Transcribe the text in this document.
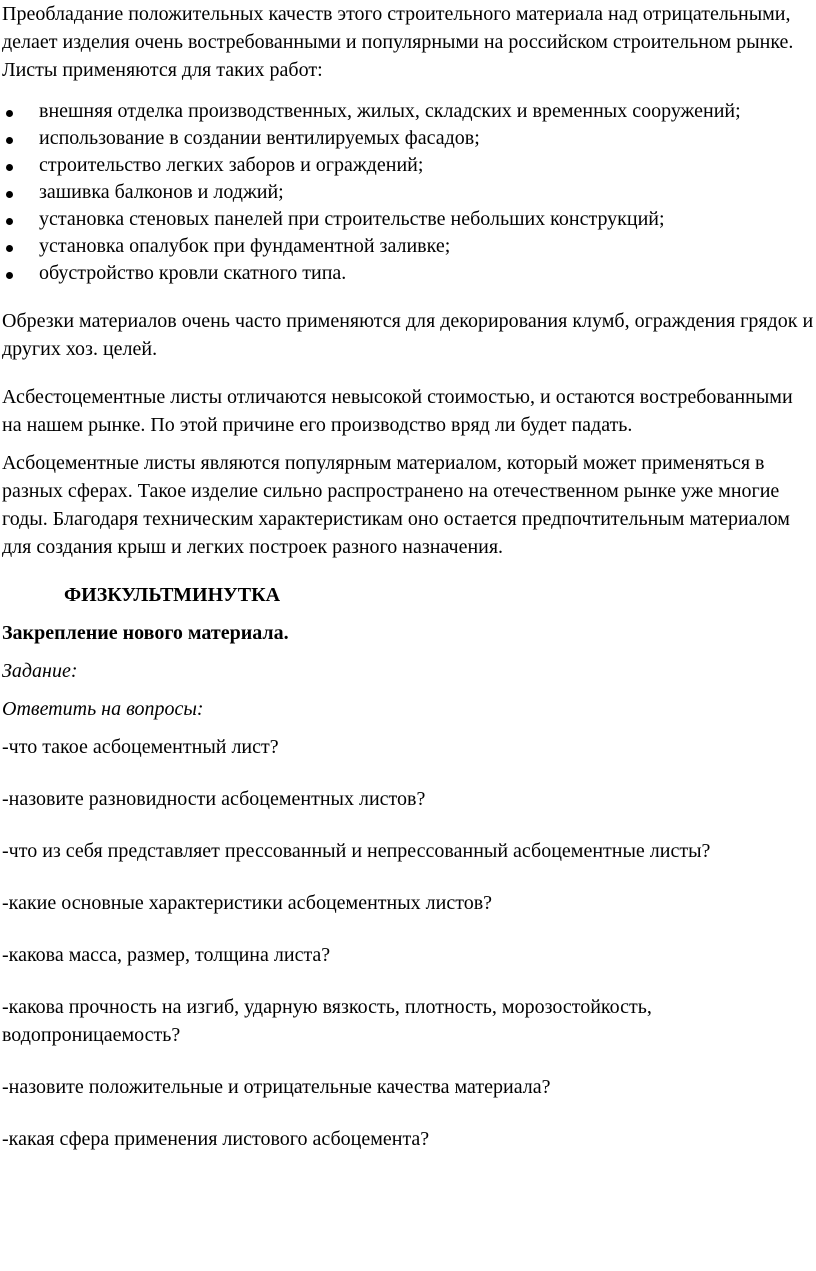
Преобладание положительных качеств этого строительного материала над отрицательными, делает изделия очень востребованными и популярными на российском строительном рынке. Листы применяются для таких работ:

внешняя отделка производственных, жилых, складских и временных сооружений;
использование в создании вентилируемых фасадов;
строительство легких заборов и ограждений;
зашивка балконов и лоджий;
установка стеновых панелей при строительстве небольших конструкций;
установка опалубок при фундаментной заливке;
обустройство кровли скатного типа.

Обрезки материалов очень часто применяются для декорирования клумб, ограждения грядок и других хоз. целей.

Асбестоцементные листы отличаются невысокой стоимостью, и остаются востребованными на нашем рынке. По этой причине его производство вряд ли будет падать.

Асбоцементные листы являются популярным материалом, который может применяться в разных сферах. Такое изделие сильно распространено на отечественном рынке уже многие годы. Благодаря техническим характеристикам оно остается предпочтительным материалом для создания крыш и легких построек разного назначения.

ФИЗКУЛЬТМИНУТКА

Закрепление нового материала.

Задание:

Ответить на вопросы:

-что такое асбоцементный лист?

-назовите разновидности асбоцементных листов?

-что из себя представляет прессованный и непрессованный асбоцементные листы?

-какие основные характеристики асбоцементных листов?

-какова масса, размер, толщина листа?

-какова прочность на изгиб, ударную вязкость, плотность, морозостойкость, водопроницаемость?

-назовите положительные и отрицательные качества материала?

-какая сфера применения листового асбоцемента?
